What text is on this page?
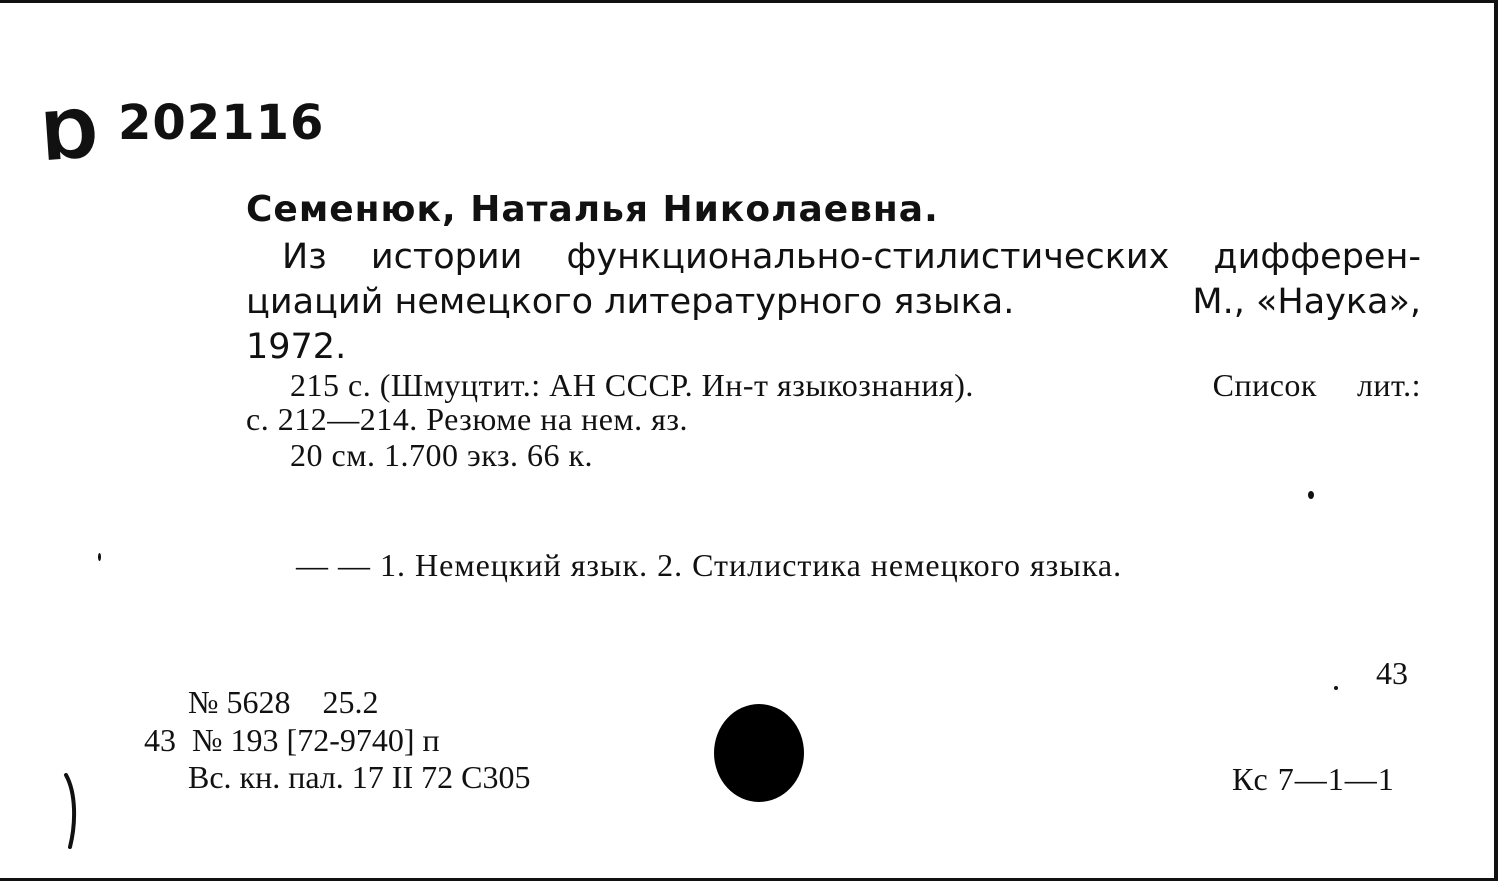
Ɒ 202116
Семенюк, Наталья Николаевна.
Из истории функционально-стилистических дифферен-
циаций немецкого литературного языка.	М., «Наука»,
1972.
215 с. (Шмуцтит.: АН СССР. Ин-т языкознания).	Список лит.:
с. 212—214. Резюме на нем. яз.
20 см. 1.700 экз. 66 к.
— — 1. Немецкий язык. 2. Стилистика немецкого языка.
№ 5628    25.2
43  № 193 [72-9740] п
Вс. кн. пал. 17 II 72 С305
43
Кс 7—1—1
